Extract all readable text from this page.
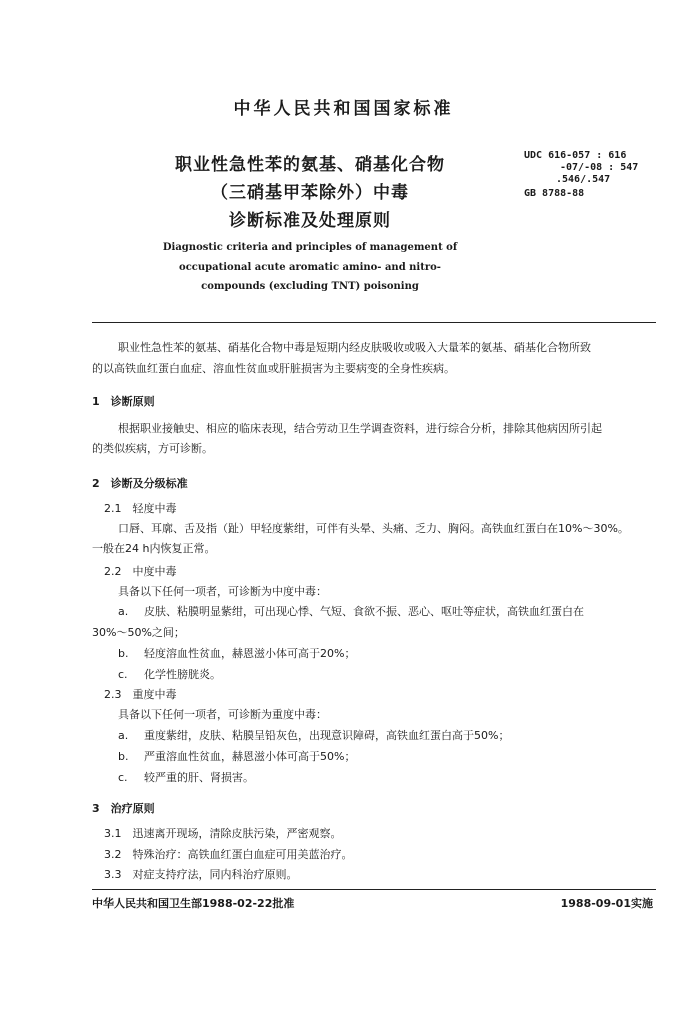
中华人民共和国国家标准
职业性急性苯的氨基、硝基化合物
（三硝基甲苯除外）中毒
诊断标准及处理原则
UDC 616-057 : 616
-07/-08 : 547
.546/.547
GB 8788-88
Diagnostic criteria and principles of management of
occupational acute aromatic amino- and nitro-
compounds (excluding TNT) poisoning
职业性急性苯的氨基、硝基化合物中毒是短期内经皮肤吸收或吸入大量苯的氨基、硝基化合物所致
的以高铁血红蛋白血症、溶血性贫血或肝脏损害为主要病变的全身性疾病。
1　诊断原则
根据职业接触史、相应的临床表现，结合劳动卫生学调查资料，进行综合分析，排除其他病因所引起
的类似疾病，方可诊断。
2　诊断及分级标准
2.1　轻度中毒
口唇、耳廓、舌及指（趾）甲轻度紫绀，可伴有头晕、头痛、乏力、胸闷。高铁血红蛋白在10%～30%。
一般在24 h内恢复正常。
2.2　中度中毒
具备以下任何一项者，可诊断为中度中毒：
a. 皮肤、粘膜明显紫绀，可出现心悸、气短、食欲不振、恶心、呕吐等症状，高铁血红蛋白在
30%～50%之间；
b. 轻度溶血性贫血，赫恩滋小体可高于20%；
c. 化学性膀胱炎。
2.3　重度中毒
具备以下任何一项者，可诊断为重度中毒：
a. 重度紫绀，皮肤、粘膜呈铅灰色，出现意识障碍，高铁血红蛋白高于50%；
b. 严重溶血性贫血，赫恩滋小体可高于50%；
c. 较严重的肝、肾损害。
3　治疗原则
3.1　迅速离开现场，清除皮肤污染，严密观察。
3.2　特殊治疗：高铁血红蛋白血症可用美蓝治疗。
3.3　对症支持疗法，同内科治疗原则。
中华人民共和国卫生部1988-02-22批准	1988-09-01实施
